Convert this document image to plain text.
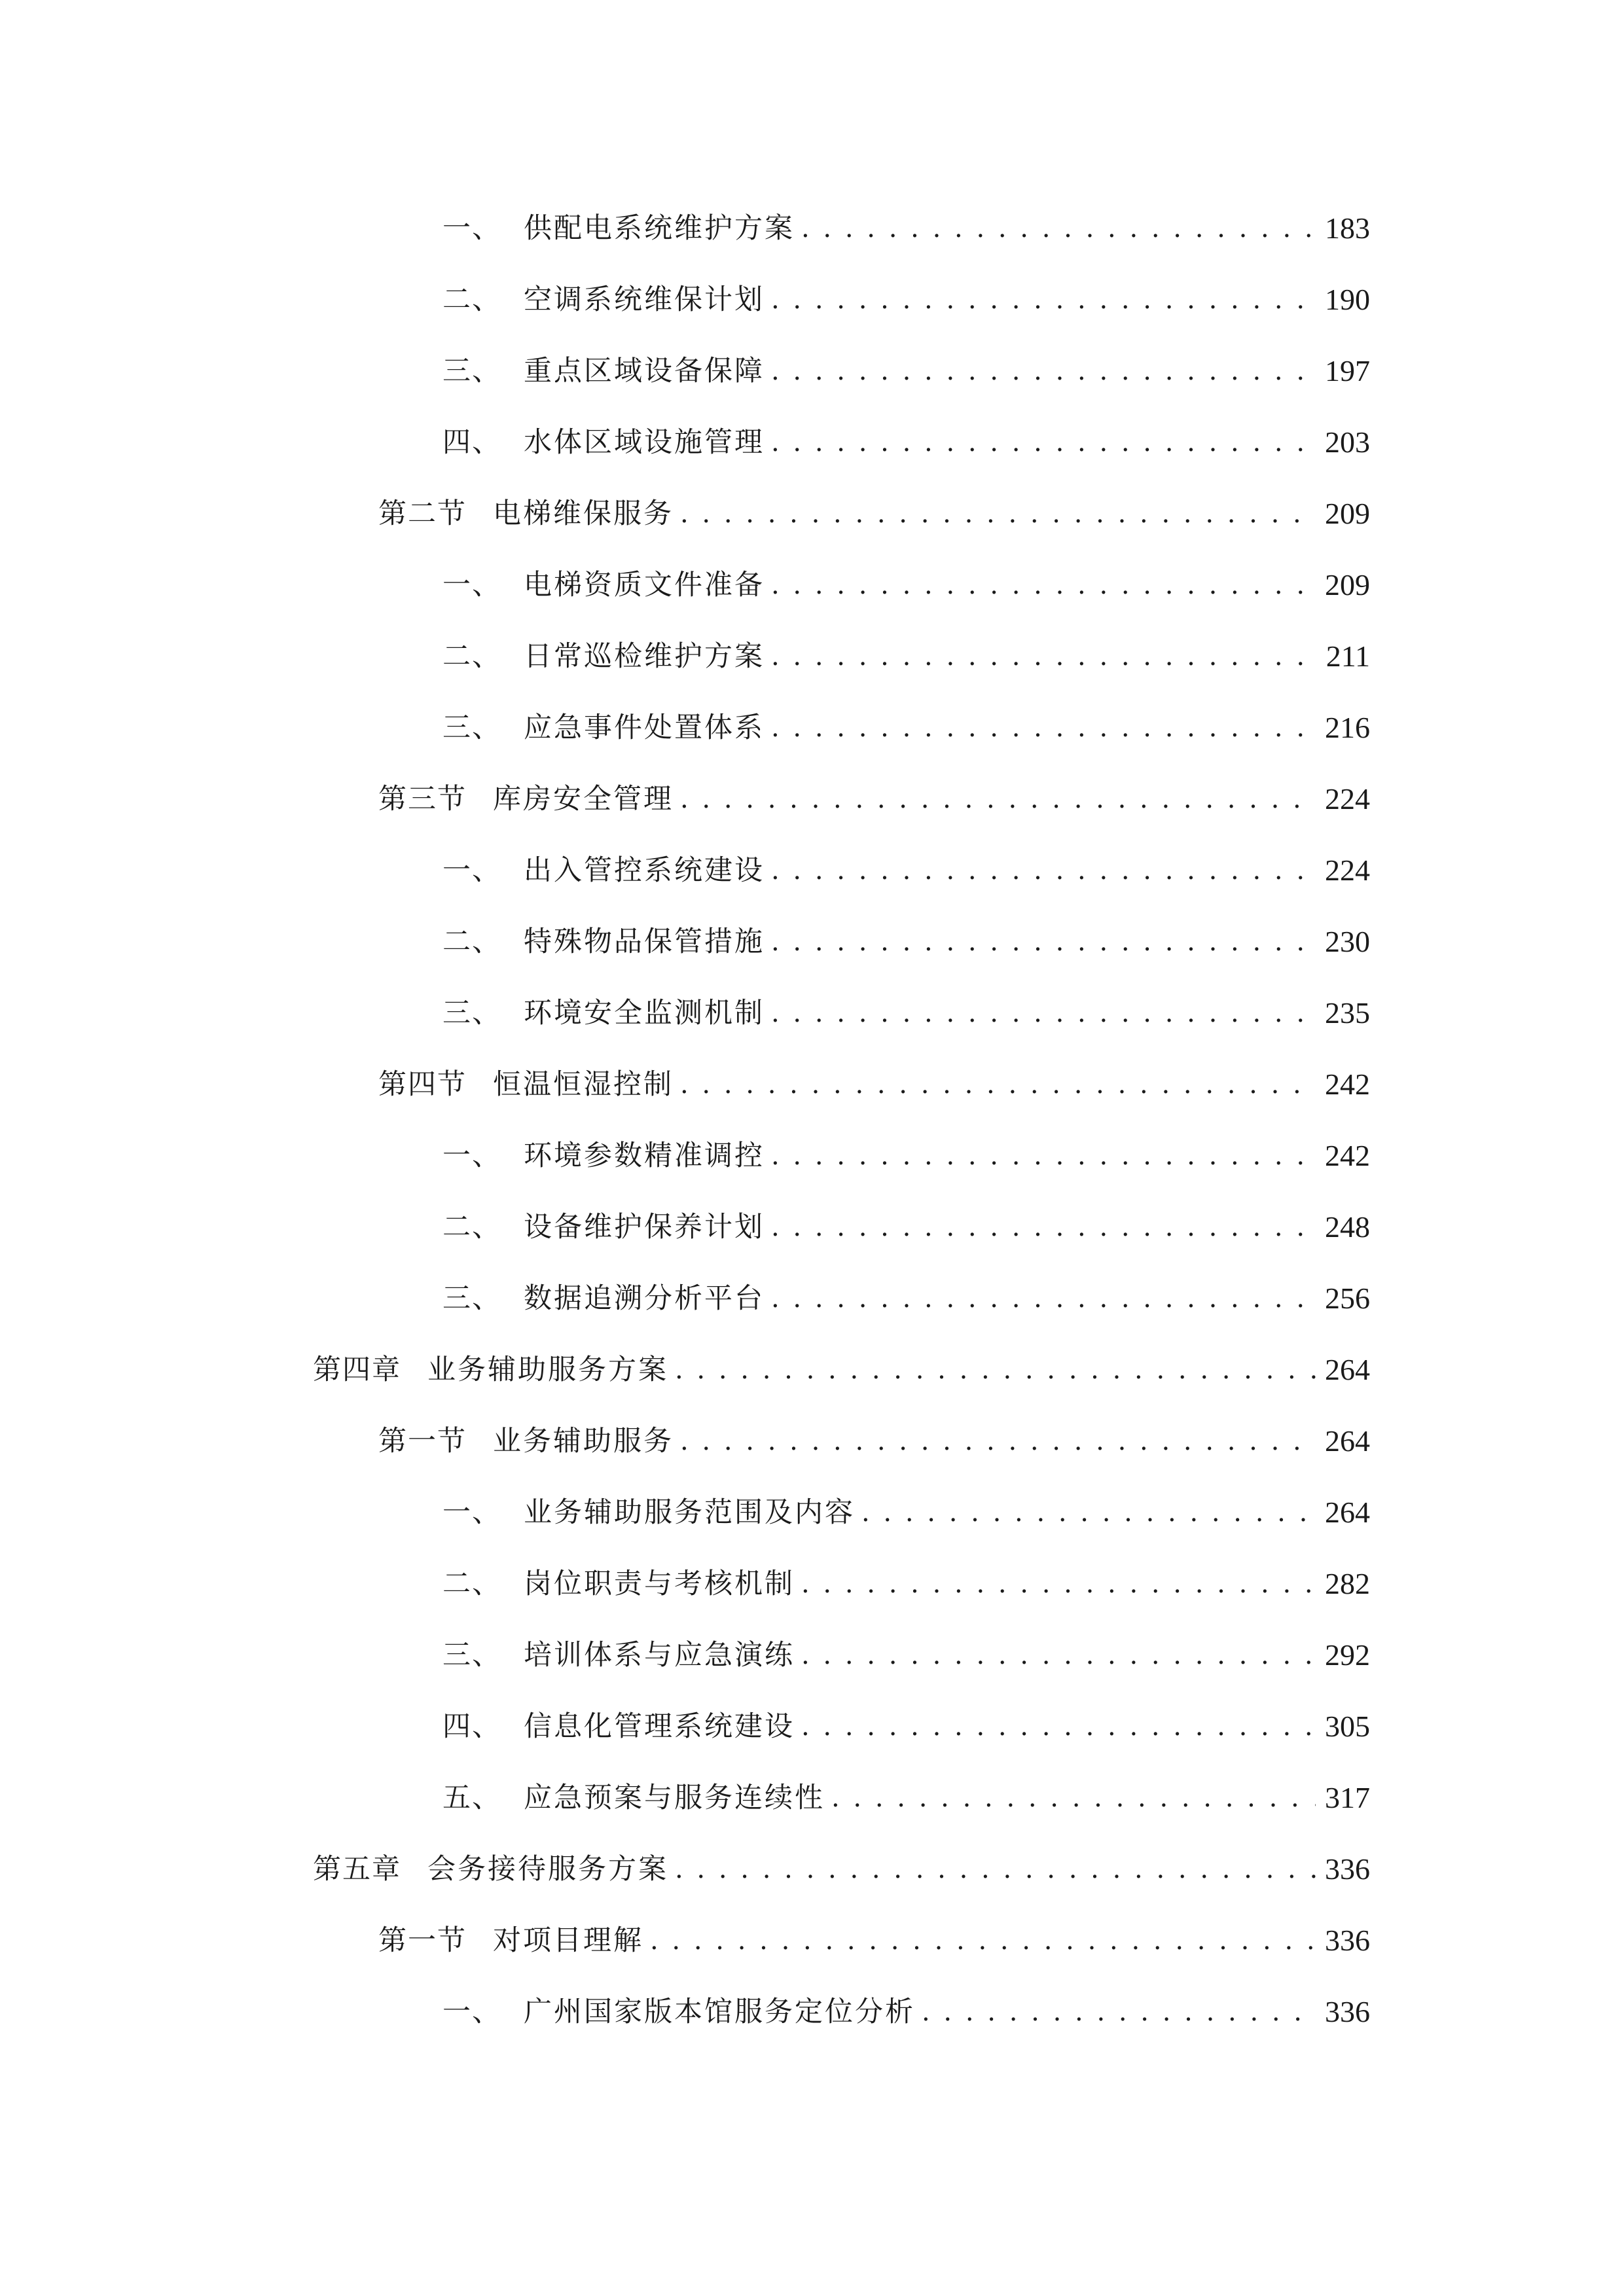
一、 供配电系统维护方案 . . .	183
二、 空调系统维保计划 . . .	190
三、 重点区域设备保障 . . .	197
四、 水体区域设施管理 . . .	203
第二节 电梯维保服务 . . .	209
一、 电梯资质文件准备 . . .	209
二、 日常巡检维护方案 . . .	211
三、 应急事件处置体系 . . .	216
第三节 库房安全管理 . . .	224
一、 出入管控系统建设 . . .	224
二、 特殊物品保管措施 . . .	230
三、 环境安全监测机制 . . .	235
第四节 恒温恒湿控制 . . .	242
一、 环境参数精准调控 . . .	242
二、 设备维护保养计划 . . .	248
三、 数据追溯分析平台 . . .	256
第四章 业务辅助服务方案 . . .	264
第一节 业务辅助服务 . . .	264
一、 业务辅助服务范围及内容 . . .	264
二、 岗位职责与考核机制 . . .	282
三、 培训体系与应急演练 . . .	292
四、 信息化管理系统建设 . . .	305
五、 应急预案与服务连续性 . . .	317
第五章 会务接待服务方案 . . .	336
第一节 对项目理解 . . .	336
一、 广州国家版本馆服务定位分析 . . .	336
